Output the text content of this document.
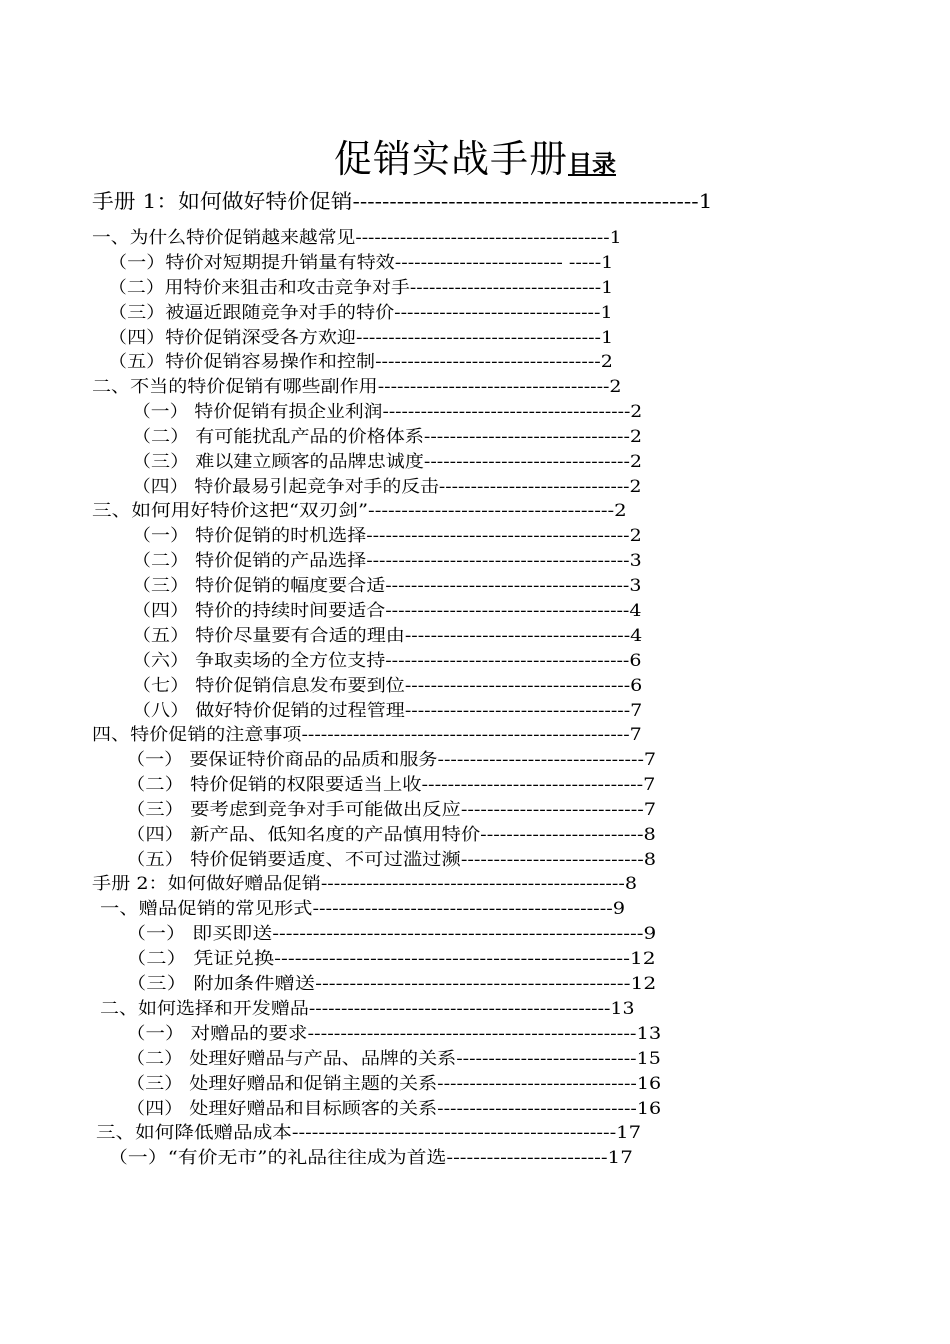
促销实战手册目录
手册 1：如何做好特价促销-----------------------------------------------1
一、为什么特价促销越来越常见----------------------------------------1
（一）特价对短期提升销量有特效-------------------------- -----1
（二）用特价来狙击和攻击竞争对手------------------------------1
（三）被逼近跟随竞争对手的特价--------------------------------1
（四）特价促销深受各方欢迎--------------------------------------1
（五）特价促销容易操作和控制-----------------------------------2
二、不当的特价促销有哪些副作用------------------------------------2
（一） 特价促销有损企业利润---------------------------------------2
（二） 有可能扰乱产品的价格体系--------------------------------2
（三） 难以建立顾客的品牌忠诚度--------------------------------2
（四） 特价最易引起竞争对手的反击------------------------------2
三、如何用好特价这把“双刃剑”-------------------------------------2
（一） 特价促销的时机选择-----------------------------------------2
（二） 特价促销的产品选择-----------------------------------------3
（三） 特价促销的幅度要合适--------------------------------------3
（四） 特价的持续时间要适合--------------------------------------4
（五） 特价尽量要有合适的理由-----------------------------------4
（六） 争取卖场的全方位支持--------------------------------------6
（七） 特价促销信息发布要到位-----------------------------------6
（八） 做好特价促销的过程管理-----------------------------------7
四、特价促销的注意事项---------------------------------------------------7
（一） 要保证特价商品的品质和服务--------------------------------7
（二） 特价促销的权限要适当上收----------------------------------7
（三） 要考虑到竞争对手可能做出反应----------------------------7
（四） 新产品、低知名度的产品慎用特价-------------------------8
（五） 特价促销要适度、不可过滥过濒----------------------------8
手册 2：如何做好赠品促销-----------------------------------------------8
一、赠品促销的常见形式----------------------------------------------9
（一） 即买即送-------------------------------------------------------9
（二） 凭证兑换----------------------------------------------------12
（三） 附加条件赠送----------------------------------------------12
二、如何选择和开发赠品-----------------------------------------------13
（一） 对赠品的要求--------------------------------------------------13
（二） 处理好赠品与产品、品牌的关系----------------------------15
（三） 处理好赠品和促销主题的关系-------------------------------16
（四） 处理好赠品和目标顾客的关系-------------------------------16
三、如何降低赠品成本-------------------------------------------------17
（一）“有价无市”的礼品往往成为首选------------------------17
